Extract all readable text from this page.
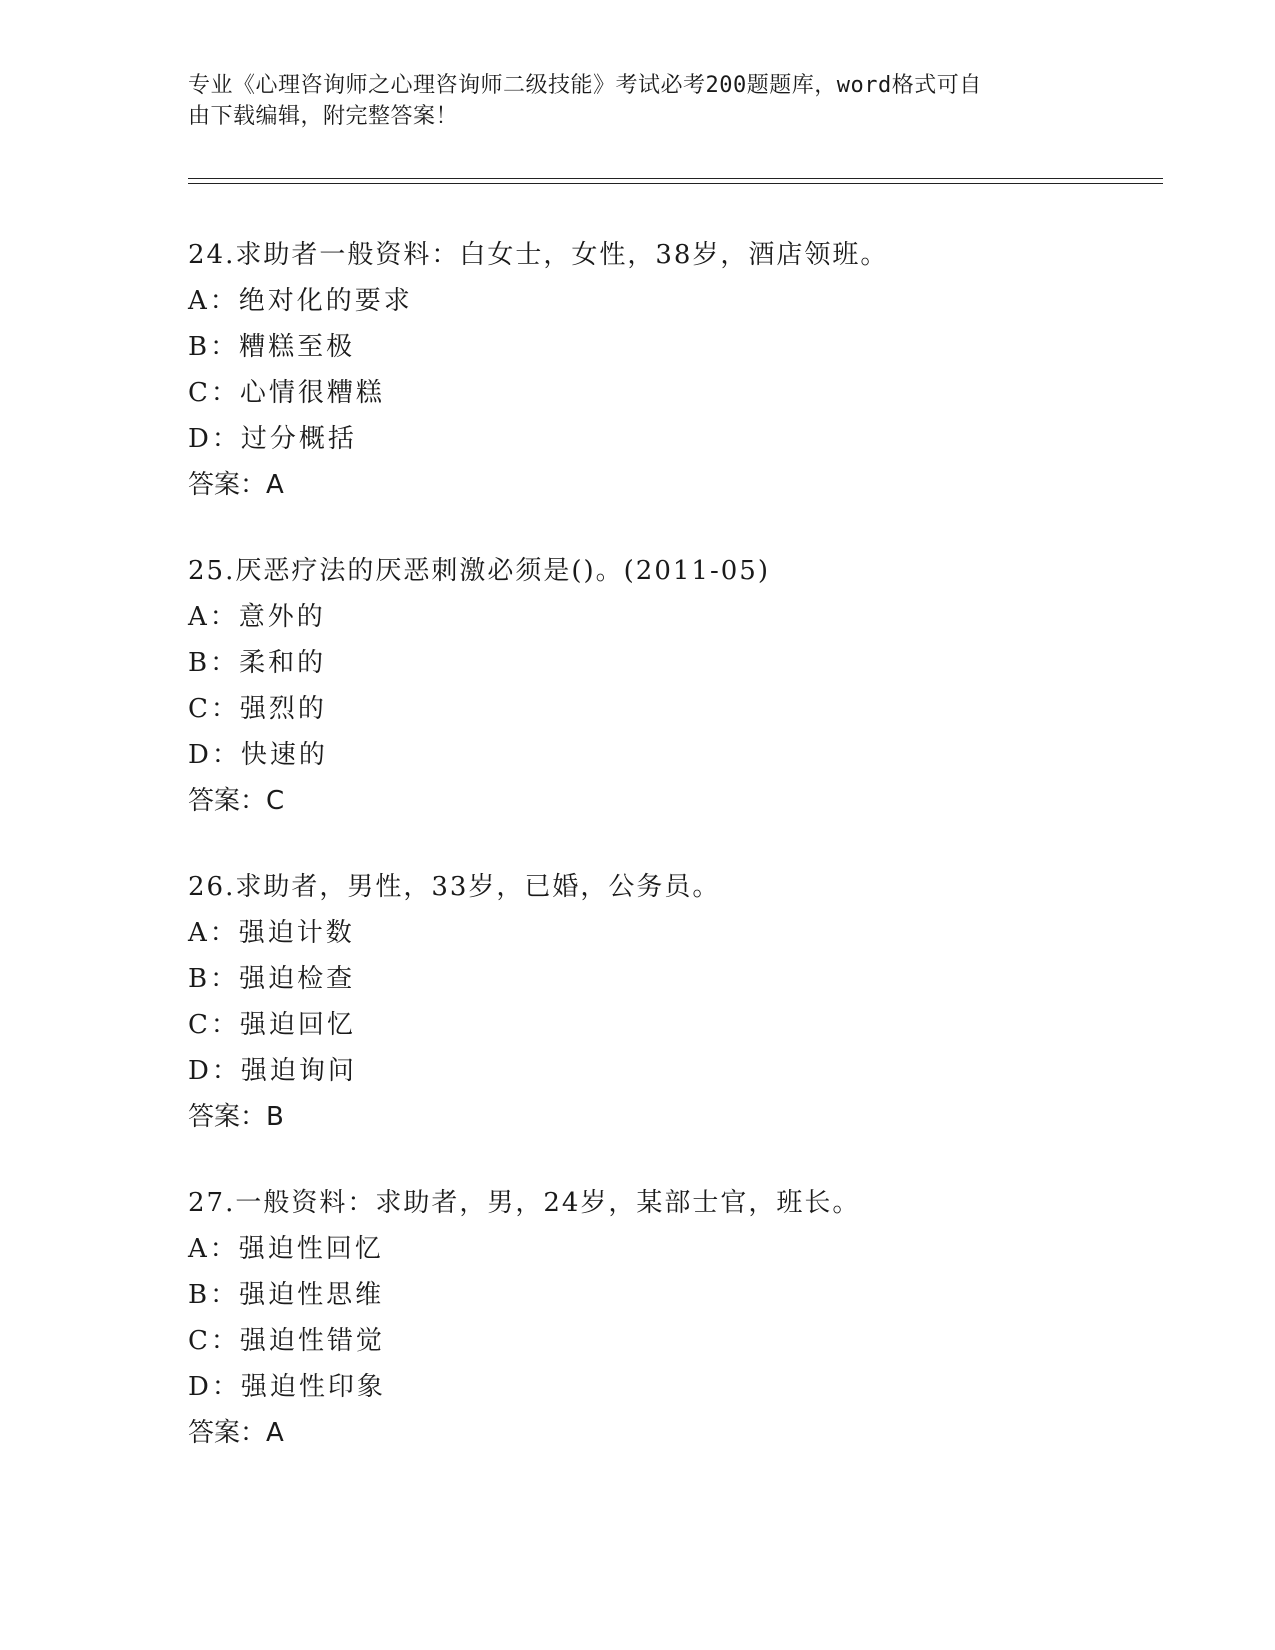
专业《心理咨询师之心理咨询师二级技能》考试必考200题题库，word格式可自
由下载编辑，附完整答案！
24.求助者一般资料：白女士，女性，38岁，酒店领班。
A：绝对化的要求
B：糟糕至极
C：心情很糟糕
D：过分概括
答案：A
25.厌恶疗法的厌恶刺激必须是()。(2011-05)
A：意外的
B：柔和的
C：强烈的
D：快速的
答案：C
26.求助者，男性，33岁，已婚，公务员。
A：强迫计数
B：强迫检查
C：强迫回忆
D：强迫询问
答案：B
27.一般资料：求助者，男，24岁，某部士官，班长。
A：强迫性回忆
B：强迫性思维
C：强迫性错觉
D：强迫性印象
答案：A
